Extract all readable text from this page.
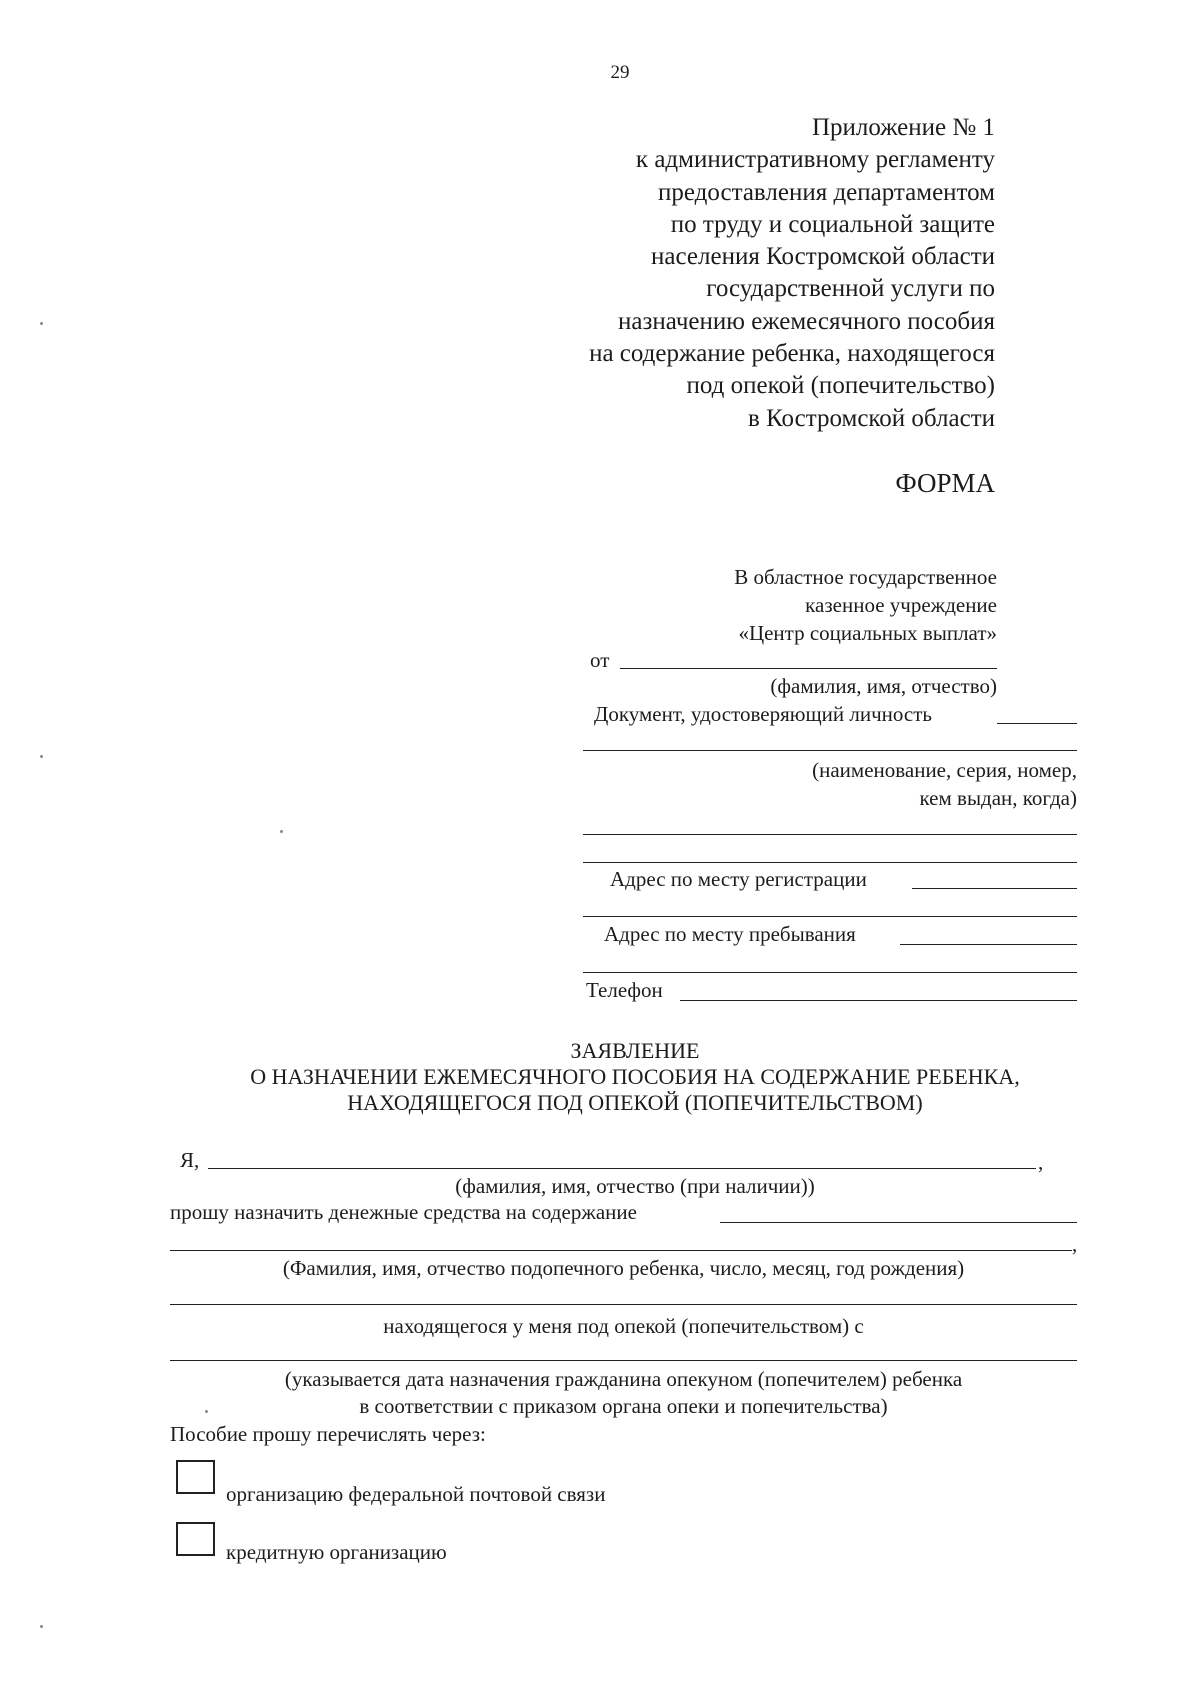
29
Приложение № 1
к административному регламенту
предоставления департаментом
по труду и социальной защите
населения Костромской области
государственной услуги по
назначению ежемесячного пособия
на содержание ребенка, находящегося
под опекой (попечительство)
в Костромской области
ФОРМА
В областное государственное
казенное учреждение
«Центр социальных выплат»
от
(фамилия, имя, отчество)
Документ, удостоверяющий личность
(наименование, серия, номер,
кем выдан, когда)
Адрес по месту регистрации
Адрес по месту пребывания
Телефон
ЗАЯВЛЕНИЕ
О НАЗНАЧЕНИИ ЕЖЕМЕСЯЧНОГО ПОСОБИЯ НА СОДЕРЖАНИЕ РЕБЕНКА,
НАХОДЯЩЕГОСЯ ПОД ОПЕКОЙ (ПОПЕЧИТЕЛЬСТВОМ)
Я,	,
(фамилия, имя, отчество (при наличии))
прошу назначить денежные средства на содержание
,
(Фамилия, имя, отчество подопечного ребенка, число, месяц, год рождения)
находящегося у меня под опекой (попечительством) с
(указывается дата назначения гражданина опекуном (попечителем) ребенка
в соответствии с приказом органа опеки и попечительства)
Пособие прошу перечислять через:
организацию федеральной почтовой связи
кредитную организацию
